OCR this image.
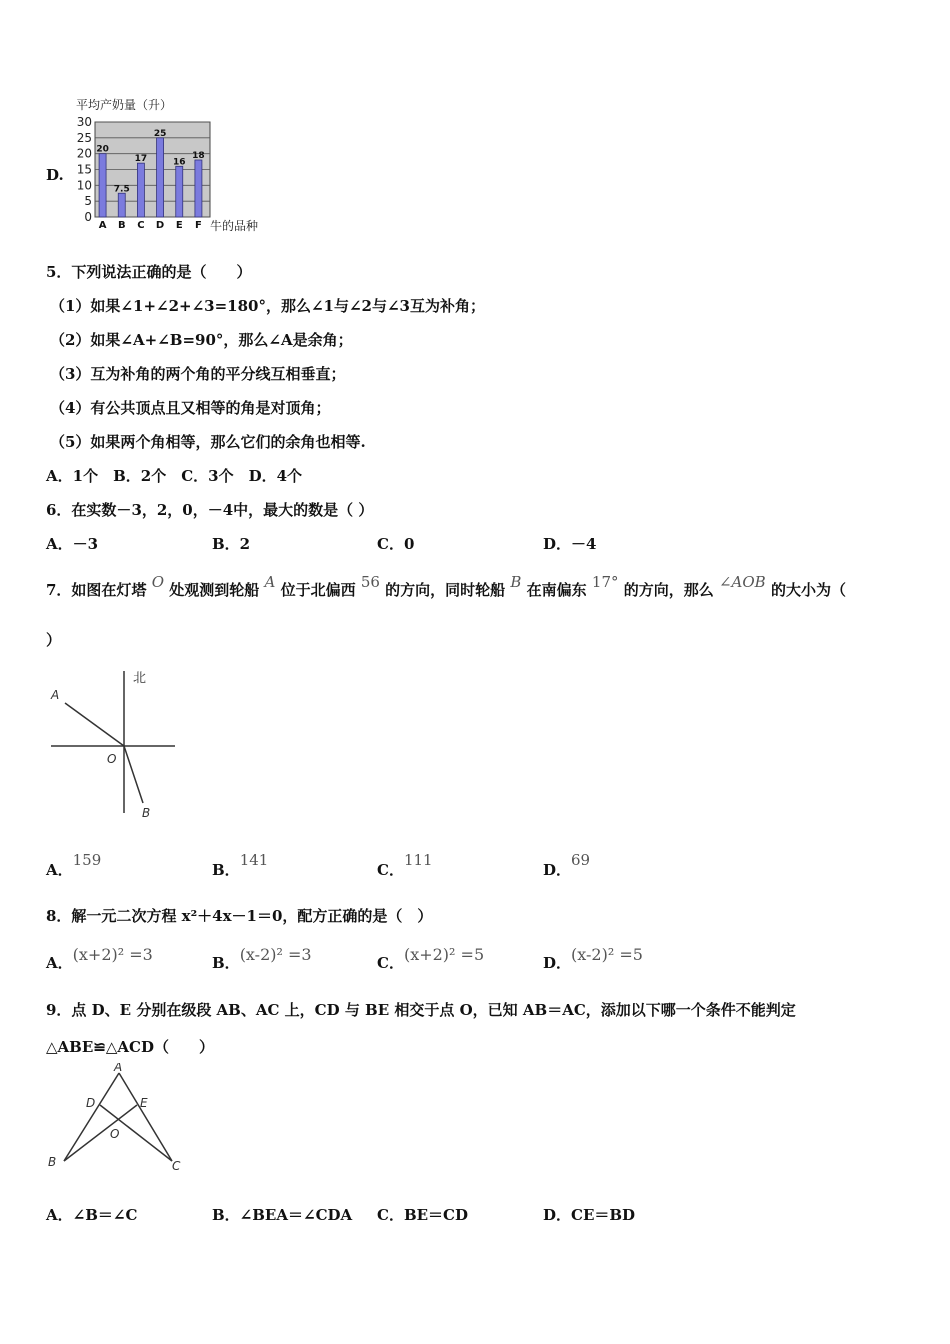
D.
平均产奶量（升）
30
25
20
15
10
5
0
20
7.5
17
25
16
18
A B C D E F 牛的品种
5．下列说法正确的是（　　）
（1）如果∠1+∠2+∠3=180°，那么∠1与∠2与∠3互为补角；
（2）如果∠A+∠B=90°，那么∠A是余角；
（3）互为补角的两个角的平分线互相垂直；
（4）有公共顶点且又相等的角是对顶角；
（5）如果两个角相等，那么它们的余角也相等.
A．1个　B．2个　C．3个　D．4个
6．在实数－3，2，0，－4中，最大的数是（ ）
A．－3	B．2	C．0	D．－4
7．如图在灯塔 O 处观测到轮船 A 位于北偏西 56 的方向，同时轮船 B 在南偏东 17° 的方向，那么 ∠AOB 的大小为（
）
北
A
O
B
A．159
B．141
C．111
D．69
8．解一元二次方程 x²＋4x－1＝0，配方正确的是（　）
A．(x+2)² =3	B．(x-2)² =3	C．(x+2)² =5	D．(x-2)² =5
9．点 D、E 分别在级段 AB、AC 上，CD 与 BE 相交于点 O，已知 AB＝AC，添加以下哪一个条件不能判定
△ABE≌△ACD（　　）
A
D	E
O
B	C
A．∠B＝∠C	B．∠BEA＝∠CDA C．BE＝CD	D．CE＝BD
